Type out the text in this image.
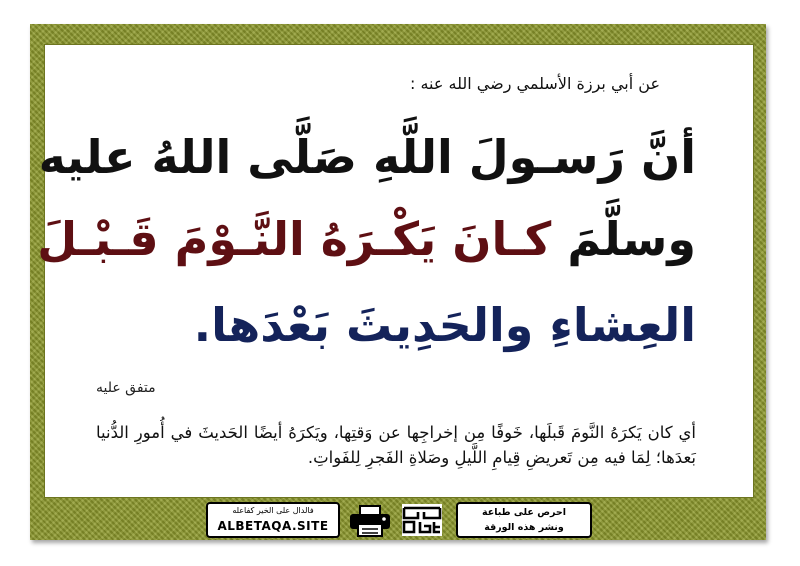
عن أبي برزة الأسلمي رضي الله عنه :
أنَّ رَسـولَ اللَّهِ صَلَّى اللهُ عليه
وسلَّمَ كـانَ يَكْـرَهُ النَّـوْمَ قَـبْـلَ
العِشاءِ والحَدِيثَ بَعْدَها.
متفق عليه
أي كان يَكرَهُ النَّومَ قَبلَها، خَوفًا مِن إخراجِها عن وَقتِها، ويَكرَهُ أيضًا الحَديثَ في أُمورِ الدُّنيا بَعدَها؛ لِمَا فيه مِن تَعريضِ قِيامِ اللَّيلِ وصَلاةِ الفَجرِ لِلفَواتِ.
فالدال على الخير كفاعله
ALBETAQA.SITE
احرص على طباعة
ونشر هذه الورقة
